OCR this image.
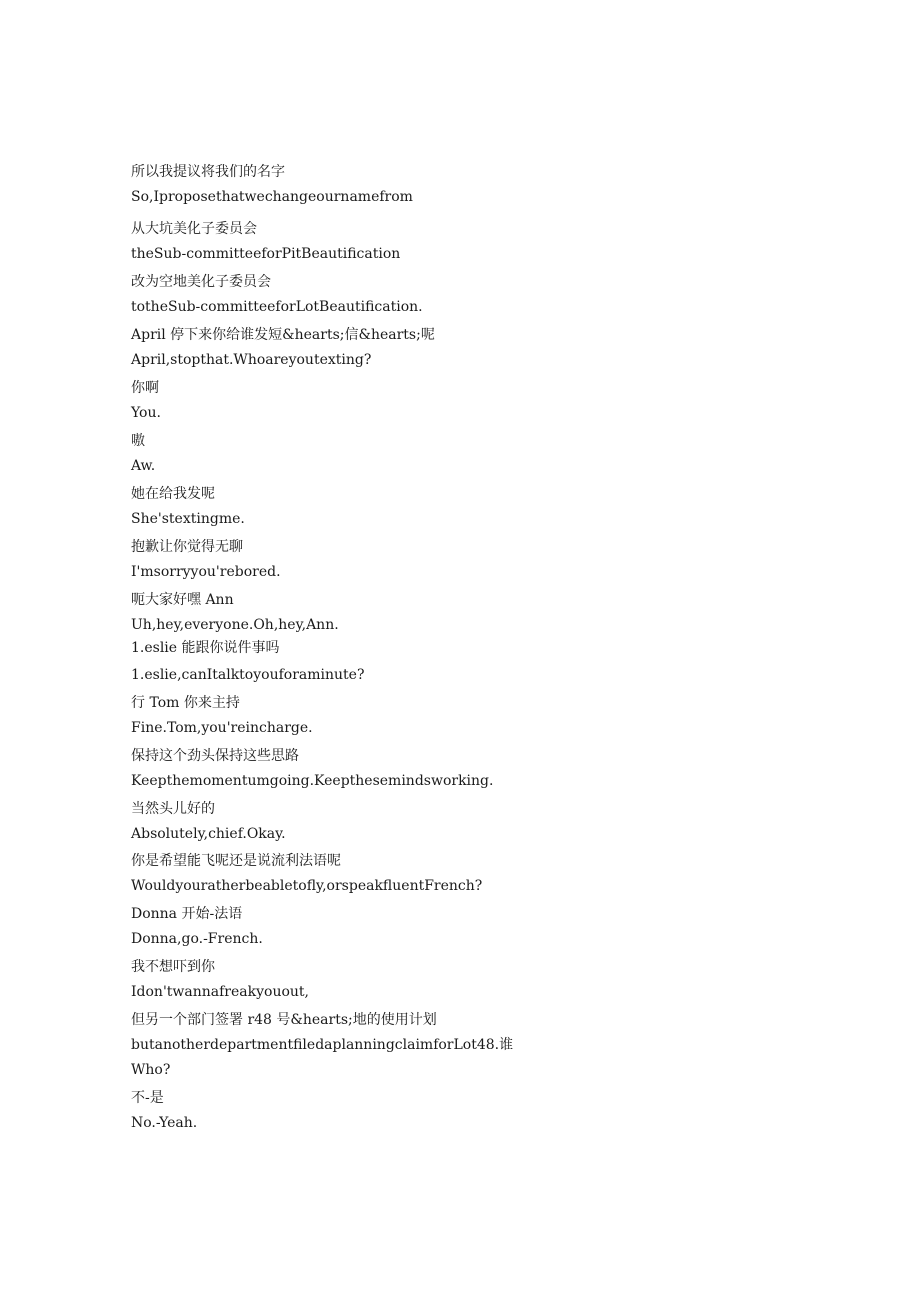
所以我提议将我们的名字
So,Iproposethatwechangeournamefrom
从大坑美化子委员会
theSub-committeeforPitBeautification
改为空地美化子委员会
totheSub-committeeforLotBeautification.
April 停下来你给谁发短&hearts;信&hearts;呢
April,stopthat.Whoareyoutexting?
你啊
You.
嗷
Aw.
她在给我发呢
She'stextingme.
抱歉让你觉得无聊
I'msorryyou'rebored.
呃大家好嘿 Ann
Uh,hey,everyone.Oh,hey,Ann.
1.eslie 能跟你说件事吗
1.eslie,canItalktoyouforaminute?
行 Tom 你来主持
Fine.Tom,you'reincharge.
保持这个劲头保持这些思路
Keepthemomentumgoing.Keepthesemindsworking.
当然头儿好的
Absolutely,chief.Okay.
你是希望能飞呢还是说流利法语呢
Wouldyouratherbeabletofly,orspeakfluentFrench?
Donna 开始-法语
Donna,go.-French.
我不想吓到你
Idon'twannafreakyouout,
但另一个部门签署 r48 号&hearts;地的使用计划
butanotherdepartmentfiledaplanningclaimforLot48.谁
Who?
不-是
No.-Yeah.
